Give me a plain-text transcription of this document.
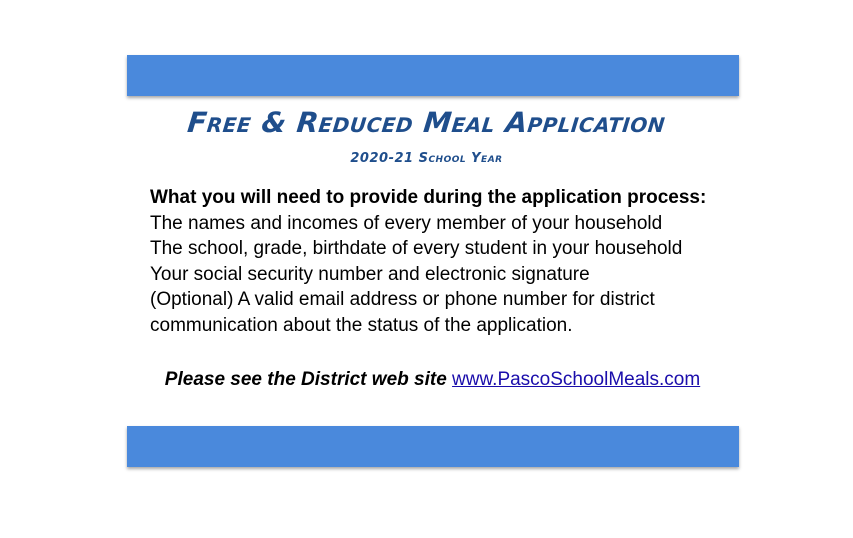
Free & Reduced Meal Application
2020-21 School Year
What you will need to provide during the application process:
The names and incomes of every member of your household
The school, grade, birthdate of every student in your household
Your social security number and electronic signature
(Optional) A valid email address or phone number for district
communication about the status of the application.
Please see the District web site www.PascoSchoolMeals.com
